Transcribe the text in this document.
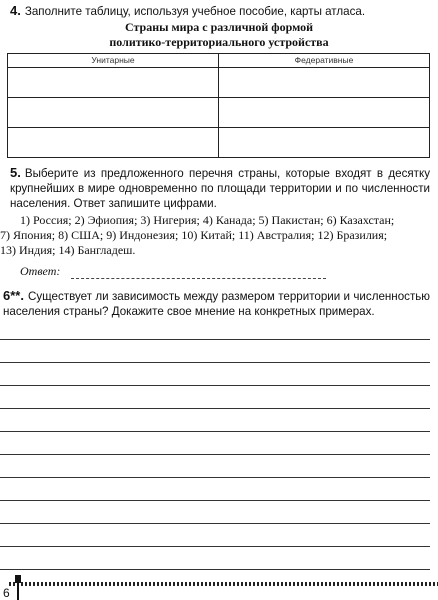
4. Заполните таблицу, используя учебное пособие, карты атласа.
Страны мира с различной формой
политико-территориального устройства
Унитарные	Федеративные

5. Выберите из предложенного перечня страны, которые входят в десятку крупнейших в мире одновременно по площади территории и по численности населения. Ответ запишите цифрами.
1) Россия; 2) Эфиопия; 3) Нигерия; 4) Канада; 5) Пакистан; 6) Казахстан;
7) Япония; 8) США; 9) Индонезия; 10) Китай; 11) Австралия; 12) Бразилия;
13) Индия; 14) Бангладеш.
Ответ:
6**. Существует ли зависимость между размером территории и численностью населения страны? Докажите свое мнение на конкретных примерах.
6
